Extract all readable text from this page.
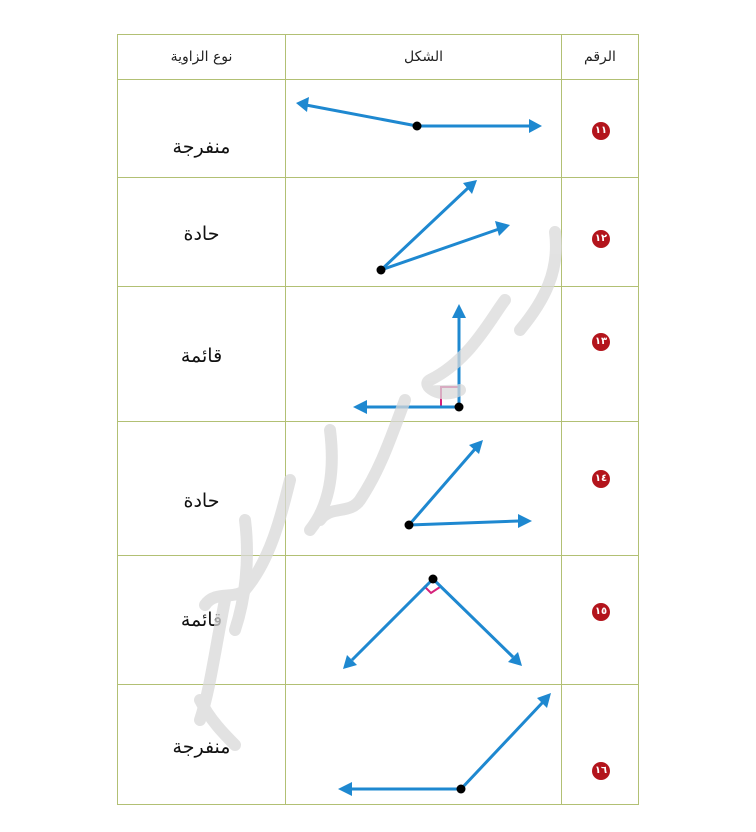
نوع الزاوية	الشكل	الرقم
منفرجة		١١

حادة		١٢

قائمة		١٣

حادة		١٤

قائمة		١٥

منفرجة		١٦
